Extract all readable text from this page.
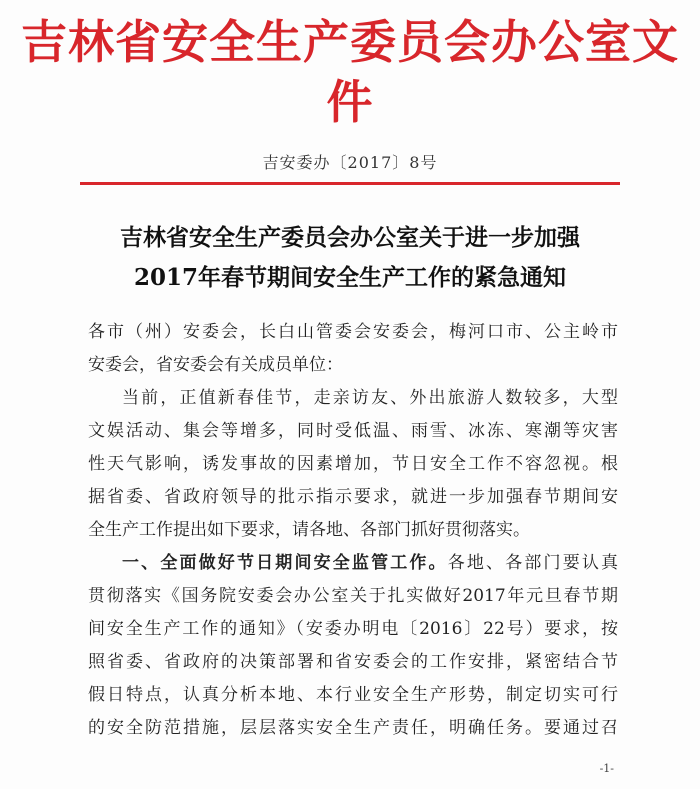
吉林省安全生产委员会办公室文件
吉安委办〔2017〕8号
吉林省安全生产委员会办公室关于进一步加强
2017年春节期间安全生产工作的紧急通知
各市（州）安委会，长白山管委会安委会，梅河口市、公主岭市
安委会，省安委会有关成员单位：
当前，正值新春佳节，走亲访友、外出旅游人数较多，大型
文娱活动、集会等增多，同时受低温、雨雪、冰冻、寒潮等灾害
性天气影响，诱发事故的因素增加，节日安全工作不容忽视。根
据省委、省政府领导的批示指示要求，就进一步加强春节期间安
全生产工作提出如下要求，请各地、各部门抓好贯彻落实。
一、全面做好节日期间安全监管工作。各地、各部门要认真
贯彻落实《国务院安委会办公室关于扎实做好2017年元旦春节期
间安全生产工作的通知》（安委办明电〔2016〕22号）要求，按
照省委、省政府的决策部署和省安委会的工作安排，紧密结合节
假日特点，认真分析本地、本行业安全生产形势，制定切实可行
的安全防范措施，层层落实安全生产责任，明确任务。要通过召
-1-
